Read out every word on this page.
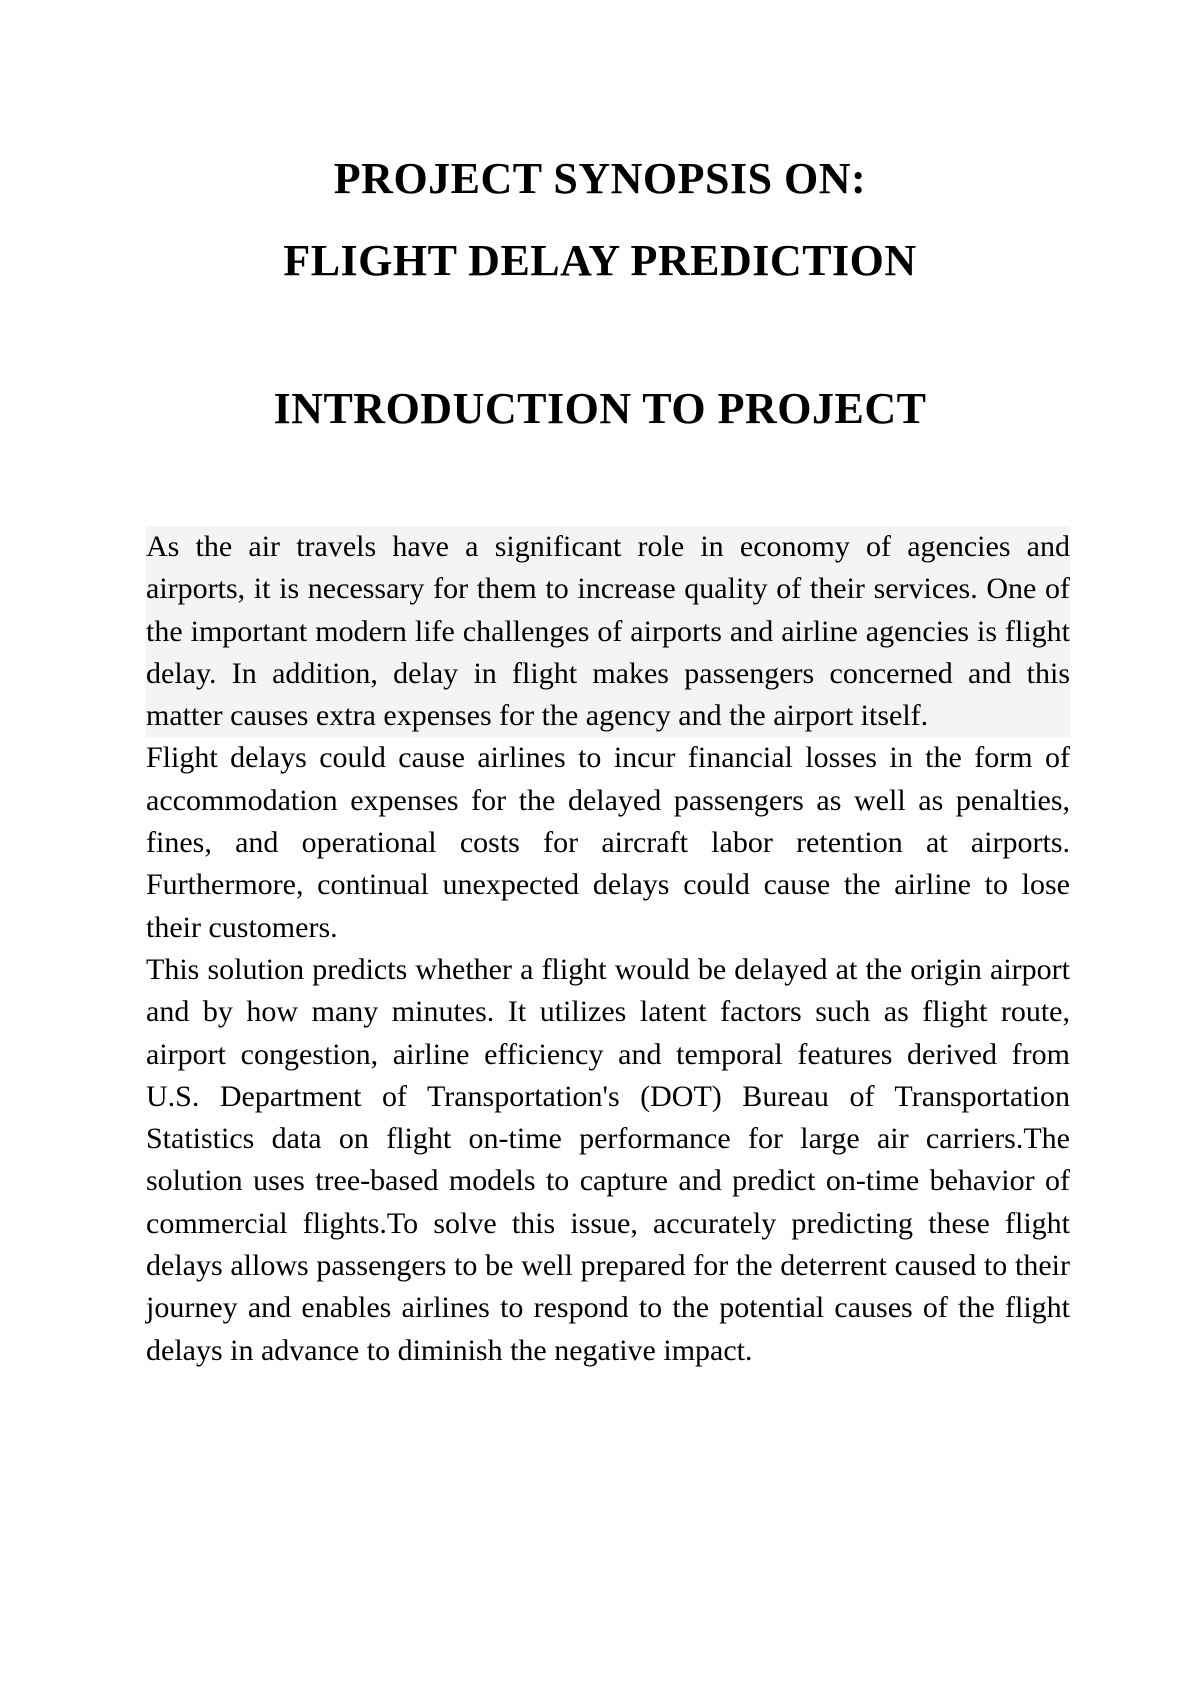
PROJECT SYNOPSIS ON:

FLIGHT DELAY PREDICTION

INTRODUCTION TO PROJECT

As the air travels have a significant role in economy of agencies and airports, it is necessary for them to increase quality of their services. One of the important modern life challenges of airports and airline agencies is flight delay. In addition, delay in flight makes passengers concerned and this matter causes extra expenses for the agency and the airport itself.

Flight delays could cause airlines to incur financial losses in the form of accommodation expenses for the delayed passengers as well as penalties, fines, and operational costs for aircraft labor retention at airports. Furthermore, continual unexpected delays could cause the airline to lose their customers.

This solution predicts whether a flight would be delayed at the origin airport and by how many minutes. It utilizes latent factors such as flight route, airport congestion, airline efficiency and temporal features derived from U.S. Department of Transportation's (DOT) Bureau of Transportation Statistics data on flight on-time performance for large air carriers.The solution uses tree-based models to capture and predict on-time behavior of commercial flights.To solve this issue, accurately predicting these flight delays allows passengers to be well prepared for the deterrent caused to their journey and enables airlines to respond to the potential causes of the flight delays in advance to diminish the negative impact.
